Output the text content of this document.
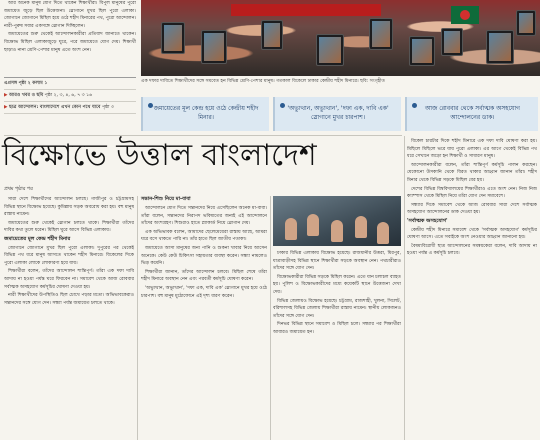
আর অনেক মানুষ যোগ দিতে থাকেন শিক্ষার্থীরা। বিপুল মানুষের পুরো জমায়েত জুড়ে ছিল উত্তেজনা। স্লোগানে মুখর ছিল পুরো এলাকা। জোগানে জোগানে মিছিল হয়ে ওঠে শহীদ মিনারের পথ, পুরো আন্দোলন। নারী-পুরুষ সবার একসঙ্গে স্লোগান দিচ্ছিলেন।

জমায়েতের শুরু থেকেই আন্দোলনকারীরা প্রতিবাদ জানাতে থাকেন। বিক্ষোভ মিছিল এলাকাজুড়ে ঘুরে, পরে জমায়েতে যোগ দেয়। শিক্ষার্থী ছাড়াও নানা শ্রেণি-পেশার মানুষ এতে অংশ নেন।

এপ্রসঙ্গ পৃষ্ঠা ২ কলাম ১
▶ আরও খবর ও ছবি পৃষ্ঠা ২, ৩, ৪, ৬, ৭ ৩ ১৬
▶ ছাত্র আন্দোলন: বাংলাদেশে এখন কোন পথে যাবে পৃষ্ঠা ৩
এক দফার দাবিতে শিক্ষার্থীদের সঙ্গে সমবেত হন বিভিন্ন শ্রেণি-পেশার মানুষ। গতকাল বিকেলে ঢাকার কেন্দ্রীয় শহীদ মিনারে। ছবি: সংগৃহীত
জমায়েতের মূল কেন্দ্র হয়ে ওঠে কেন্দ্রীয় শহীদ মিনার।
'অভ্যুত্থান, অভ্যুত্থান', 'দফা এক, দাবি এক' স্লোগানে মুখর চারপাশ।
আজ রোববার থেকে সর্বাত্মক অসহযোগ আন্দোলনের ডাক।
বিক্ষোভে উত্তাল বাংলাদেশ
প্রথম পৃষ্ঠার পর

সারা দেশে শিক্ষার্থীদের আন্দোলন চলছে। গাজীপুর ও চট্টগ্রামসহ বিভিন্ন স্থানে বিক্ষোভ হয়েছে। কুমিল্লায় সড়ক অবরোধ করা হয়। বহু মানুষ রাস্তায় নামেন।

জমায়েতের শুরু থেকেই স্লোগান চলতে থাকে। শিক্ষার্থীরা তাঁদের দাবির কথা তুলে ধরেন। মিছিল ঘুরে আসে বিভিন্ন এলাকায়।

জমায়েতের মূল কেন্দ্র শহীদ মিনার

জোগানে জোগানে মুখর ছিল পুরো এলাকা। দুপুরের পর থেকেই বিভিন্ন পথ ধরে মানুষ আসতে থাকেন শহীদ মিনারে। বিকেলের দিকে পুরো এলাকা লোকে লোকারণ্য হয়ে যায়।

শিক্ষার্থীরা বলেন, তাঁদের আন্দোলন শান্তিপূর্ণ। তাঁরা এক দফা দাবি আদায় না হওয়া পর্যন্ত ঘরে ফিরবেন না। সমাবেশ থেকে আজ রোববার সর্বাত্মক অসহযোগ কর্মসূচির ঘোষণা দেওয়া হয়।

নারী শিক্ষার্থীদের উপস্থিতিও ছিল চোখে পড়ার মতো। অভিভাবকেরাও সন্তানদের সঙ্গে যোগ দেন। সন্ধ্যা পর্যন্ত জমায়েত চলতে থাকে।

সন্তান-শিশু নিয়ে মা-বাবা

আন্দোলনে যোগ দিতে সন্তানদের নিয়ে এসেছিলেন অনেক মা-বাবা। তাঁরা বলেন, সন্তানদের নিরাপদ ভবিষ্যতের জন্যই এই আন্দোলনে তাঁদের অংশগ্রহণ। শিশুরাও হাতে প্ল্যাকার্ড নিয়ে স্লোগান দেয়।

এক অভিভাবক বলেন, আমাদের ছেলেমেয়েরা রাস্তায় আছে, আমরা ঘরে বসে থাকতে পারি না। তাঁর হাতে ছিল জাতীয় পতাকা।

জমায়েতে আসা মানুষের জন্য পানি ও শুকনা খাবার নিয়ে আসেন অনেকে। কেউ কেউ চিকিৎসা সহায়তার ব্যবস্থা করেন। সন্ধ্যা নামলেও ভিড় কমেনি।

শিক্ষার্থীরা জানান, তাঁদের আন্দোলন চলবে। মিছিল শেষে তাঁরা শহীদ মিনারে অবস্থান নেন এবং পরবর্তী কর্মসূচি ঘোষণা করেন।

'অভ্যুত্থান, অভ্যুত্থান', 'দফা এক, দাবি এক' স্লোগানে মুখর হয়ে ওঠে চারপাশ। বহু মানুষ মুঠোফোনে এই দৃশ্য ধারণ করেন।

ঢাকার বিভিন্ন এলাকায় বিক্ষোভ হয়েছে। রাজধানীর উত্তরা, মিরপুর, যাত্রাবাড়ীসহ বিভিন্ন স্থানে শিক্ষার্থীরা সড়কে অবস্থান নেন। পথচারীরাও তাঁদের সঙ্গে যোগ দেন।

বিক্ষোভকারীরা বিভিন্ন সড়কে মিছিল করেন। এতে যান চলাচল ব্যাহত হয়। পুলিশ ও বিক্ষোভকারীদের মধ্যে কয়েকটি স্থানে উত্তেজনা দেখা দেয়।

বিভিন্ন জেলায়ও বিক্ষোভ হয়েছে। চট্টগ্রাম, রাজশাহী, খুলনা, সিলেট, বরিশালসহ বিভিন্ন জেলায় শিক্ষার্থীরা রাস্তায় নামেন। স্থানীয় লোকজনও তাঁদের সঙ্গে যোগ দেন।

দিনভর বিভিন্ন স্থানে সমাবেশ ও মিছিল চলে। সন্ধ্যার পর শিক্ষার্থীরা আবারও জমায়েত হন।

বিকেল চারটার দিকে শহীদ মিনারে এক দফা দাবি ঘোষণা করা হয়। মিছিলে মিছিলে ভরে যায় পুরো এলাকা। এর আগে থেকেই বিভিন্ন পথ ধরে সেখানে জড়ো হন শিক্ষার্থী ও সাধারণ মানুষ।

আন্দোলনকারীরা বলেন, তাঁরা শান্তিপূর্ণ কর্মসূচি পালন করছেন। যেকোনো উসকানি থেকে বিরত থাকার আহ্বান জানান তাঁরা। শহীদ মিনার থেকে বিভিন্ন সড়কে মিছিল বের হয়।

দেশের বিভিন্ন বিশ্ববিদ্যালয়ের শিক্ষার্থীরাও এতে অংশ নেন। নিজ নিজ ক্যাম্পাস থেকে মিছিল নিয়ে তাঁরা যোগ দেন সমাবেশে।

সন্ধ্যার দিকে সমাবেশ থেকে আজ রোববার সারা দেশে সর্বাত্মক অসহযোগ আন্দোলনের ডাক দেওয়া হয়।

'সর্বাত্মক অসহযোগ'

কেন্দ্রীয় শহীদ মিনারে সমাবেশ থেকে 'সর্বাত্মক অসহযোগ' কর্মসূচির ঘোষণা আসে। এতে সবাইকে অংশ নেওয়ার আহ্বান জানানো হয়।

বৈষম্যবিরোধী ছাত্র আন্দোলনের সমন্বয়কেরা বলেন, দাবি আদায় না হওয়া পর্যন্ত এ কর্মসূচি চলবে।
